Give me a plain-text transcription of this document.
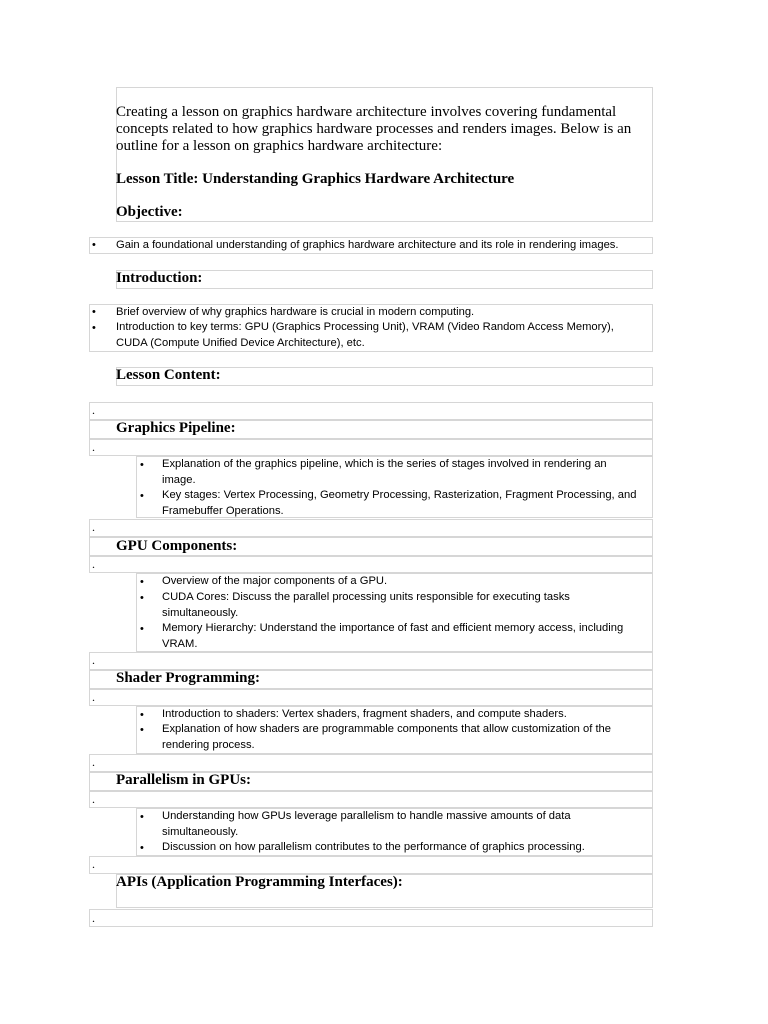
Creating a lesson on graphics hardware architecture involves covering fundamental concepts related to how graphics hardware processes and renders images. Below is an outline for a lesson on graphics hardware architecture:

Lesson Title: Understanding Graphics Hardware Architecture

Objective:

• Gain a foundational understanding of graphics hardware architecture and its role in rendering images.

Introduction:

• Brief overview of why graphics hardware is crucial in modern computing.

• Introduction to key terms: GPU (Graphics Processing Unit), VRAM (Video Random Access Memory), CUDA (Compute Unified Device Architecture), etc.

Lesson Content:

.

Graphics Pipeline:

.
• Explanation of the graphics pipeline, which is the series of stages involved in rendering an image.

• Key stages: Vertex Processing, Geometry Processing, Rasterization, Fragment Processing, and Framebuffer Operations.

.

GPU Components:

.
• Overview of the major components of a GPU.

• CUDA Cores: Discuss the parallel processing units responsible for executing tasks simultaneously.

• Memory Hierarchy: Understand the importance of fast and efficient memory access, including VRAM.

.

Shader Programming:

.
• Introduction to shaders: Vertex shaders, fragment shaders, and compute shaders.

• Explanation of how shaders are programmable components that allow customization of the rendering process.

.

Parallelism in GPUs:

.
• Understanding how GPUs leverage parallelism to handle massive amounts of data simultaneously.

• Discussion on how parallelism contributes to the performance of graphics processing.

.

APIs (Application Programming Interfaces):

.
